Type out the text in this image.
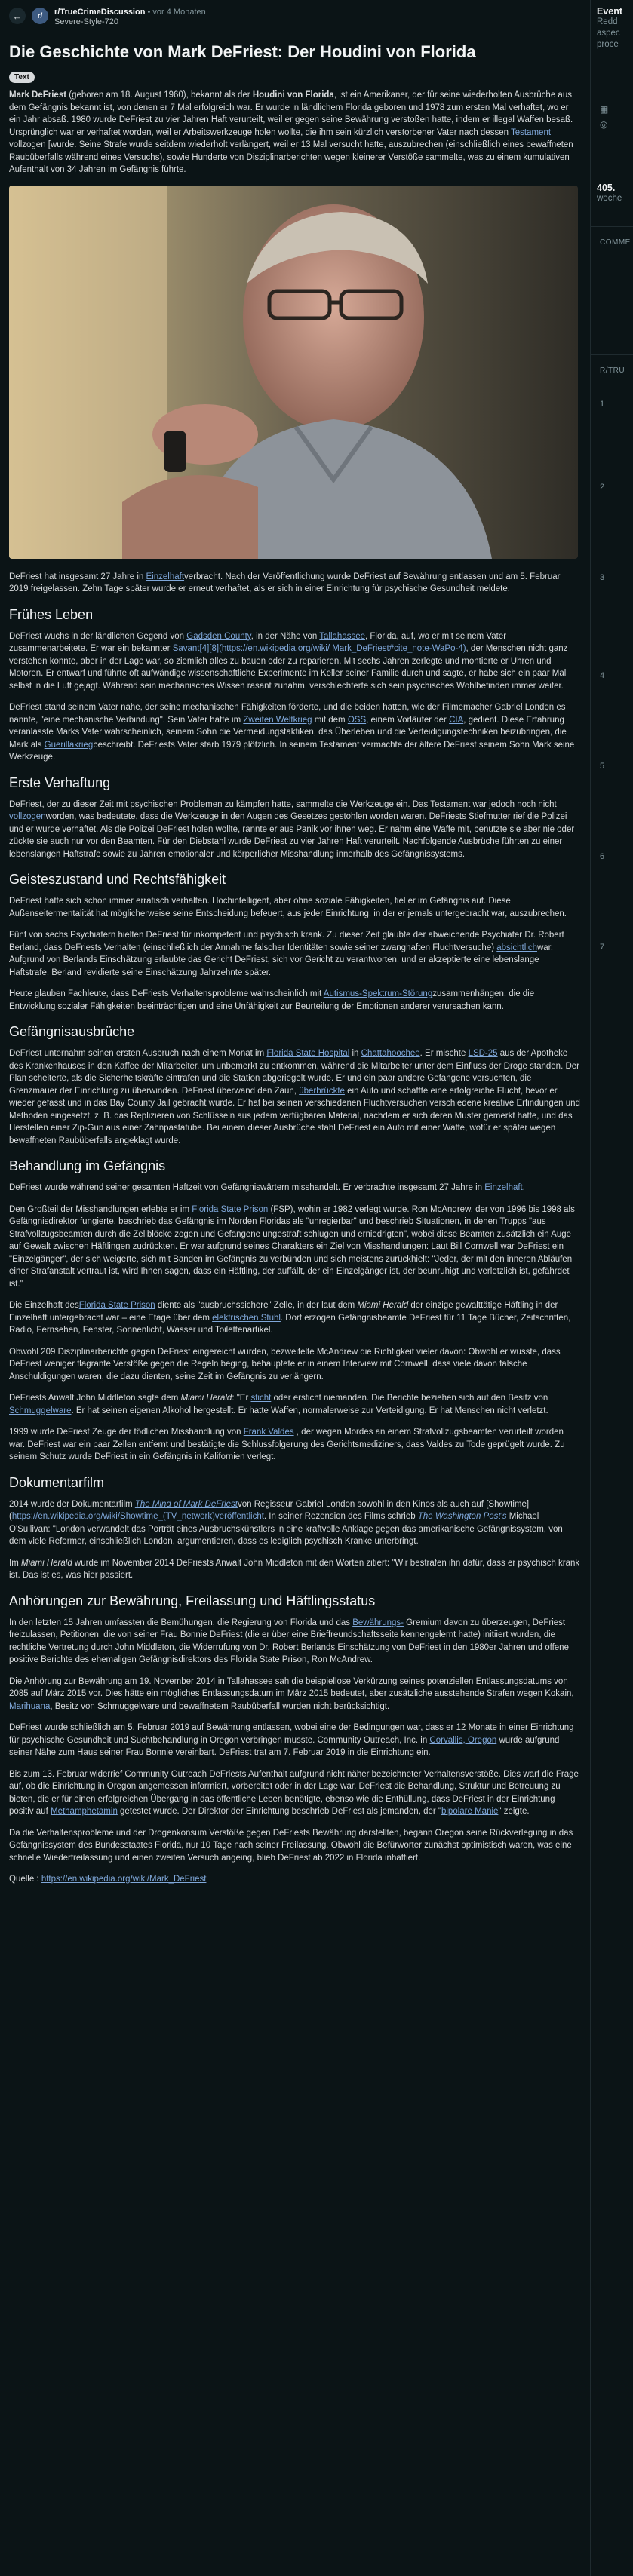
← r/ r/TrueCrimeDiscussion • vor 4 Monaten
Severe-Style-720
Die Geschichte von Mark DeFriest: Der Houdini von Florida
Text

Mark DeFriest (geboren am 18. August 1960), bekannt als der Houdini von Florida, ist ein Amerikaner, der für seine wiederholten Ausbrüche aus dem Gefängnis bekannt ist, von denen er 7 Mal erfolgreich war. Er wurde in ländlichem Florida geboren und 1978 zum ersten Mal verhaftet, wo er ein Jahr absaß. 1980 wurde DeFriest zu vier Jahren Haft verurteilt, weil er gegen seine Bewährung verstoßen hatte, indem er illegal Waffen besaß. Ursprünglich war er verhaftet worden, weil er Arbeitswerkzeuge holen wollte, die ihm sein kürzlich verstorbener Vater nach dessen Testament vollzogen [wurde. Seine Strafe wurde seitdem wiederholt verlängert, weil er 13 Mal versucht hatte, auszubrechen (einschließlich eines bewaffneten Raubüberfalls während eines Versuchs), sowie Hunderte von Disziplinarberichten wegen kleinerer Verstöße sammelte, was zu einem kumulativen Aufenthalt von 34 Jahren im Gefängnis führte.

DeFriest hat insgesamt 27 Jahre in Einzelhaftverbracht. Nach der Veröffentlichung wurde DeFriest auf Bewährung entlassen und am 5. Februar 2019 freigelassen. Zehn Tage später wurde er erneut verhaftet, als er sich in einer Einrichtung für psychische Gesundheit meldete.

Frühes Leben

DeFriest wuchs in der ländlichen Gegend von Gadsden County, in der Nähe von Tallahassee, Florida, auf, wo er mit seinem Vater zusammenarbeitete. Er war ein bekannter Savant[4][8](https://en.wikipedia.org/wiki/ Mark_DeFriest#cite_note-WaPo-4), der Menschen nicht ganz verstehen konnte, aber in der Lage war, so ziemlich alles zu bauen oder zu reparieren. Mit sechs Jahren zerlegte und montierte er Uhren und Motoren. Er entwarf und führte oft aufwändige wissenschaftliche Experimente im Keller seiner Familie durch und sagte, er habe sich ein paar Mal selbst in die Luft gejagt. Während sein mechanisches Wissen rasant zunahm, verschlechterte sich sein psychisches Wohlbefinden immer weiter.

DeFriest stand seinem Vater nahe, der seine mechanischen Fähigkeiten förderte, und die beiden hatten, wie der Filmemacher Gabriel London es nannte, "eine mechanische Verbindung". Sein Vater hatte im Zweiten Weltkrieg mit dem OSS, einem Vorläufer der CIA, gedient. Diese Erfahrung veranlasste Marks Vater wahrscheinlich, seinem Sohn die Vermeidungstaktiken, das Überleben und die Verteidigungstechniken beizubringen, die Mark als Guerillakriegbeschreibt. DeFriests Vater starb 1979 plötzlich. In seinem Testament vermachte der ältere DeFriest seinem Sohn Mark seine Werkzeuge.

Erste Verhaftung

DeFriest, der zu dieser Zeit mit psychischen Problemen zu kämpfen hatte, sammelte die Werkzeuge ein. Das Testament war jedoch noch nicht vollzogenworden, was bedeutete, dass die Werkzeuge in den Augen des Gesetzes gestohlen worden waren. DeFriests Stiefmutter rief die Polizei und er wurde verhaftet. Als die Polizei DeFriest holen wollte, rannte er aus Panik vor ihnen weg. Er nahm eine Waffe mit, benutzte sie aber nie oder zückte sie auch nur vor den Beamten. Für den Diebstahl wurde DeFriest zu vier Jahren Haft verurteilt. Nachfolgende Ausbrüche führten zu einer lebenslangen Haftstrafe sowie zu Jahren emotionaler und körperlicher Misshandlung innerhalb des Gefängnissystems.

Geisteszustand und Rechtsfähigkeit

DeFriest hatte sich schon immer erratisch verhalten. Hochintelligent, aber ohne soziale Fähigkeiten, fiel er im Gefängnis auf. Diese Außenseitermentalität hat möglicherweise seine Entscheidung befeuert, aus jeder Einrichtung, in der er jemals untergebracht war, auszubrechen.

Fünf von sechs Psychiatern hielten DeFriest für inkompetent und psychisch krank. Zu dieser Zeit glaubte der abweichende Psychiater Dr. Robert Berland, dass DeFriests Verhalten (einschließlich der Annahme falscher Identitäten sowie seiner zwanghaften Fluchtversuche) absichtlichwar. Aufgrund von Berlands Einschätzung erlaubte das Gericht DeFriest, sich vor Gericht zu verantworten, und er akzeptierte eine lebenslange Haftstrafe, Berland revidierte seine Einschätzung Jahrzehnte später.

Heute glauben Fachleute, dass DeFriests Verhaltensprobleme wahrscheinlich mit Autismus-Spektrum-Störungzusammenhängen, die die Entwicklung sozialer Fähigkeiten beeinträchtigen und eine Unfähigkeit zur Beurteilung der Emotionen anderer verursachen kann.

Gefängnisausbrüche

DeFriest unternahm seinen ersten Ausbruch nach einem Monat im Florida State Hospital in Chattahoochee. Er mischte LSD-25 aus der Apotheke des Krankenhauses in den Kaffee der Mitarbeiter, um unbemerkt zu entkommen, während die Mitarbeiter unter dem Einfluss der Droge standen. Der Plan scheiterte, als die Sicherheitskräfte eintrafen und die Station abgeriegelt wurde. Er und ein paar andere Gefangene versuchten, die Grenzmauer der Einrichtung zu überwinden. DeFriest überwand den Zaun, überbrückte ein Auto und schaffte eine erfolgreiche Flucht, bevor er wieder gefasst und in das Bay County Jail gebracht wurde. Er hat bei seinen verschiedenen Fluchtversuchen verschiedene kreative Erfindungen und Methoden eingesetzt, z. B. das Replizieren von Schlüsseln aus jedem verfügbaren Material, nachdem er sich deren Muster gemerkt hatte, und das Herstellen einer Zip-Gun aus einer Zahnpastatube. Bei einem dieser Ausbrüche stahl DeFriest ein Auto mit einer Waffe, wofür er später wegen bewaffneten Raubüberfalls angeklagt wurde.

Behandlung im Gefängnis

DeFriest wurde während seiner gesamten Haftzeit von Gefängniswärtern misshandelt. Er verbrachte insgesamt 27 Jahre in Einzelhaft.

Den Großteil der Misshandlungen erlebte er im Florida State Prison (FSP), wohin er 1982 verlegt wurde. Ron McAndrew, der von 1996 bis 1998 als Gefängnisdirektor fungierte, beschrieb das Gefängnis im Norden Floridas als "unregierbar" und beschrieb Situationen, in denen Trupps "aus Strafvollzugsbeamten durch die Zellblöcke zogen und Gefangene ungestraft schlugen und erniedrigten", wobei diese Beamten zusätzlich ein Auge auf Gewalt zwischen Häftlingen zudrückten. Er war aufgrund seines Charakters ein Ziel von Misshandlungen: Laut Bill Cornwell war DeFriest ein "Einzelgänger", der sich weigerte, sich mit Banden im Gefängnis zu verbünden und sich meistens zurückhielt: "Jeder, der mit den inneren Abläufen einer Strafanstalt vertraut ist, wird Ihnen sagen, dass ein Häftling, der auffällt, der ein Einzelgänger ist, der beunruhigt und verletzlich ist, gefährdet ist."

Die Einzelhaft desFlorida State Prison diente als "ausbruchssichere" Zelle, in der laut dem Miami Herald der einzige gewalttätige Häftling in der Einzelhaft untergebracht war – eine Etage über dem elektrischen Stuhl. Dort erzogen Gefängnisbeamte DeFriest für 11 Tage Bücher, Zeitschriften, Radio, Fernsehen, Fenster, Sonnenlicht, Wasser und Toilettenartikel.

Obwohl 209 Disziplinarberichte gegen DeFriest eingereicht wurden, bezweifelte McAndrew die Richtigkeit vieler davon: Obwohl er wusste, dass DeFriest weniger flagrante Verstöße gegen die Regeln beging, behauptete er in einem Interview mit Cornwell, dass viele davon falsche Anschuldigungen waren, die dazu dienten, seine Zeit im Gefängnis zu verlängern.

DeFriests Anwalt John Middleton sagte dem Miami Herald: "Er sticht oder ersticht niemanden. Die Berichte beziehen sich auf den Besitz von Schmuggelware. Er hat seinen eigenen Alkohol hergestellt. Er hatte Waffen, normalerweise zur Verteidigung. Er hat Menschen nicht verletzt.

1999 wurde DeFriest Zeuge der tödlichen Misshandlung von Frank Valdes , der wegen Mordes an einem Strafvollzugsbeamten verurteilt worden war. DeFriest war ein paar Zellen entfernt und bestätigte die Schlussfolgerung des Gerichtsmediziners, dass Valdes zu Tode geprügelt wurde. Zu seinem Schutz wurde DeFriest in ein Gefängnis in Kalifornien verlegt.

Dokumentarfilm

2014 wurde der Dokumentarfilm The Mind of Mark DeFriestvon Regisseur Gabriel London sowohl in den Kinos als auch auf [Showtime](https://en.wikipedia.org/wiki/Showtime_(TV_network)veröffentlicht. In seiner Rezension des Films schrieb The Washington Post's Michael O'Sullivan: "London verwandelt das Porträt eines Ausbruchskünstlers in eine kraftvolle Anklage gegen das amerikanische Gefängnissystem, von dem viele Reformer, einschließlich London, argumentieren, dass es lediglich psychisch Kranke unterbringt.

Im Miami Herald wurde im November 2014 DeFriests Anwalt John Middleton mit den Worten zitiert: "Wir bestrafen ihn dafür, dass er psychisch krank ist. Das ist es, was hier passiert.

Anhörungen zur Bewährung, Freilassung und Häftlingsstatus

In den letzten 15 Jahren umfassten die Bemühungen, die Regierung von Florida und das Bewährungs- Gremium davon zu überzeugen, DeFriest freizulassen, Petitionen, die von seiner Frau Bonnie DeFriest (die er über eine Brieffreundschaftsseite kennengelernt hatte) initiiert wurden, die rechtliche Vertretung durch John Middleton, die Widerrufung von Dr. Robert Berlands Einschätzung von DeFriest in den 1980er Jahren und offene positive Berichte des ehemaligen Gefängnisdirektors des Florida State Prison, Ron McAndrew.

Die Anhörung zur Bewährung am 19. November 2014 in Tallahassee sah die beispiellose Verkürzung seines potenziellen Entlassungsdatums von 2085 auf März 2015 vor. Dies hätte ein mögliches Entlassungsdatum im März 2015 bedeutet, aber zusätzliche ausstehende Strafen wegen Kokain, Marihuana, Besitz von Schmuggelware und bewaffnetem Raubüberfall wurden nicht berücksichtigt.

DeFriest wurde schließlich am 5. Februar 2019 auf Bewährung entlassen, wobei eine der Bedingungen war, dass er 12 Monate in einer Einrichtung für psychische Gesundheit und Suchtbehandlung in Oregon verbringen musste. Community Outreach, Inc. in Corvallis, Oregon wurde aufgrund seiner Nähe zum Haus seiner Frau Bonnie vereinbart. DeFriest trat am 7. Februar 2019 in die Einrichtung ein.

Bis zum 13. Februar widerrief Community Outreach DeFriests Aufenthalt aufgrund nicht näher bezeichneter Verhaltensverstöße. Dies warf die Frage auf, ob die Einrichtung in Oregon angemessen informiert, vorbereitet oder in der Lage war, DeFriest die Behandlung, Struktur und Betreuung zu bieten, die er für einen erfolgreichen Übergang in das öffentliche Leben benötigte, ebenso wie die Enthüllung, dass DeFriest in der Einrichtung positiv auf Methamphetamin getestet wurde. Der Direktor der Einrichtung beschrieb DeFriest als jemanden, der "bipolare Manie" zeigte.

Da die Verhaltensprobleme und der Drogenkonsum Verstöße gegen DeFriests Bewährung darstellten, begann Oregon seine Rückverlegung in das Gefängnissystem des Bundesstaates Florida, nur 10 Tage nach seiner Freilassung. Obwohl die Befürworter zunächst optimistisch waren, was eine schnelle Wiederfreilassung und einen zweiten Versuch angeing, blieb DeFriest ab 2022 in Florida inhaftiert.

Quelle : https://en.wikipedia.org/wiki/Mark_DeFriest

Event
Redd
aspec
proce
▦
◎
405.
woche
COMME
R/TRU
1
2
3
4
5
6
7
